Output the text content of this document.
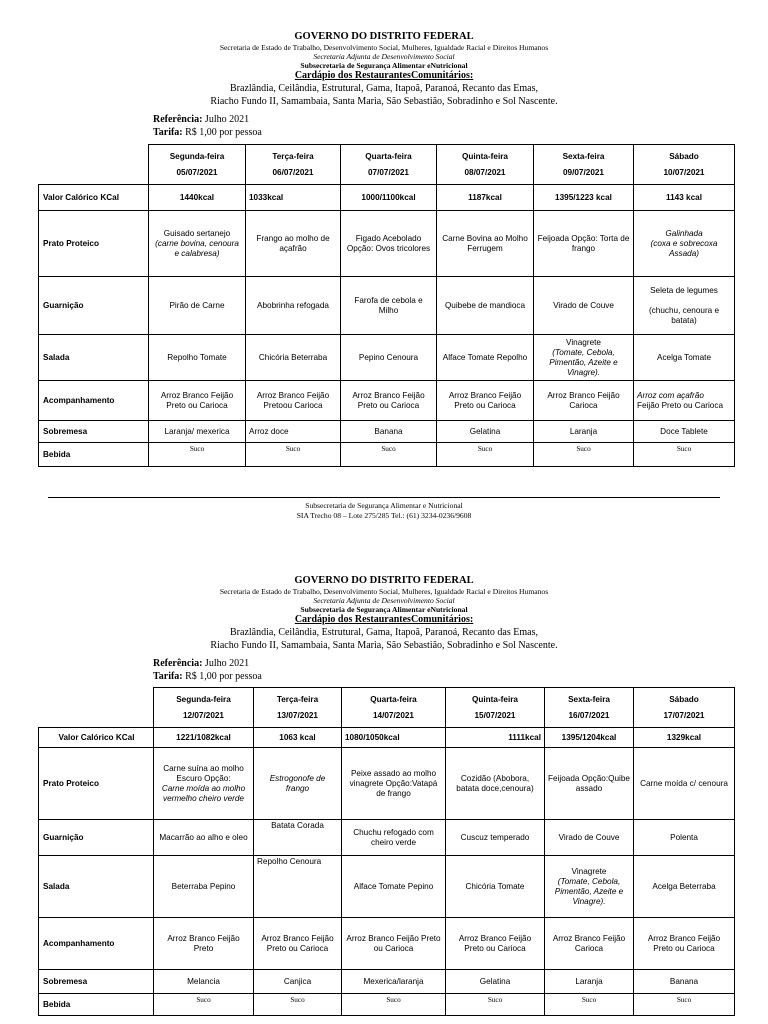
GOVERNO DO DISTRITO FEDERAL
Secretaria de Estado de Trabalho, Desenvolvimento Social, Mulheres, Igualdade Racial e Direitos Humanos
Secretaria Adjunta de Desenvolvimento Social
Subsecretaria de Segurança Alimentar eNutricional
Cardápio dos RestaurantesComunitários:
Brazlândia, Ceilândia, Estrutural, Gama, Itapoã, Paranoá, Recanto das Emas,
Riacho Fundo II, Samambaia, Santa Maria, São Sebastião, Sobradinho e Sol Nascente.
Referência: Julho 2021
Tarifa: R$ 1,00 por pessoa

	Segunda-feira
05/07/2021	Terça-feira
06/07/2021	Quarta-feira
07/07/2021	Quinta-feira
08/07/2021	Sexta-feira
09/07/2021	Sábado
10/07/2021

Valor Calórico KCal	1440kcal	1033kcal	1000/1100kcal	1187kcal	1395/1223 kcal	1143 kcal
Prato Proteico	Guisado sertanejo
(carne bovina, cenoura e calabresa)	Frango ao molho de açafrão	Figado Acebolado Opção: Ovos tricolores	Carne Bovina ao Molho Ferrugem	Feijoada Opção: Torta de frango	Galinhada
(coxa e sobrecoxa Assada)
Guarnição	Pirão de Carne	Abobrinha refogada	Farofa de cebola e Milho	Quibebe de mandioca	Virado de Couve	Seleta de legumes

(chuchu, cenoura e batata)
Salada	Repolho Tomate	Chicória Beterraba	Pepino Cenoura	Alface Tomate Repolho	Vinagrete
(Tomate, Cebola, Pimentão, Azeite e Vinagre).	Acelga Tomate
Acompanhamento	Arroz Branco Feijão Preto ou Carioca	Arroz Branco Feijão Pretoou Carioca	Arroz Branco Feijão Preto ou Carioca	Arroz Branco Feijão Preto ou Carioca	Arroz Branco Feijão Carioca	Arroz com açafrão
Feijão Preto ou Carioca
Sobremesa	Laranja/ mexerica	Arroz doce	Banana	Gelatina	Laranja	Doce Tablete
Bebida	Suco	Suco	Suco	Suco	Suco	Suco
Subsecretaria de Segurança Alimentar e Nutricional
SIA Trecho 08 – Lote 275/285 Tel.: (61) 3234-0236/9608
GOVERNO DO DISTRITO FEDERAL
Secretaria de Estado de Trabalho, Desenvolvimento Social, Mulheres, Igualdade Racial e Direitos Humanos
Secretaria Adjunta de Desenvolvimento Social
Subsecretaria de Segurança Alimentar eNutricional
Cardápio dos RestaurantesComunitários:
Brazlândia, Ceilândia, Estrutural, Gama, Itapoã, Paranoá, Recanto das Emas,
Riacho Fundo II, Samambaia, Santa Maria, São Sebastião, Sobradinho e Sol Nascente.
Referência: Julho 2021
Tarifa: R$ 1,00 por pessoa

	Segunda-feira
12/07/2021	Terça-feira
13/07/2021	Quarta-feira
14/07/2021	Quinta-feira
15/07/2021	Sexta-feira
16/07/2021	Sábado
17/07/2021

Valor Calórico KCal	1221/1082kcal	1063 kcal	1080/1050kcal	1111kcal	1395/1204kcal	1329kcal
Prato Proteico	Carne suína ao molho Escuro Opção:
Carne moída ao molho vermelho cheiro verde	Estrogonofe de frango	Peixe assado ao molho vinagrete Opção:Vatapá de frango	Cozidão (Abobora, batata doce,cenoura)	Feijoada Opção:Quibe assado	Carne moída c/ cenoura
Guarnição	Macarrão ao alho e oleo	Batata Corada	Chuchu refogado com cheiro verde	Cuscuz temperado	Virado de Couve	Polenta
Salada	Beterraba Pepino	Repolho Cenoura	Alface Tomate Pepino	Chicória Tomate	Vinagrete
(Tomate, Cebola, Pimentão, Azeite e Vinagre).	Acelga Beterraba
Acompanhamento	Arroz Branco Feijão Preto	Arroz Branco Feijão Preto ou Carioca	Arroz Branco Feijão Preto ou Carioca	Arroz Branco Feijão Preto ou Carioca	Arroz Branco Feijão Carioca	Arroz Branco Feijão Preto ou Carioca
Sobremesa	Melancia	Canjica	Mexerica/laranja	Gelatina	Laranja	Banana
Bebida	Suco	Suco	Suco	Suco	Suco	Suco
